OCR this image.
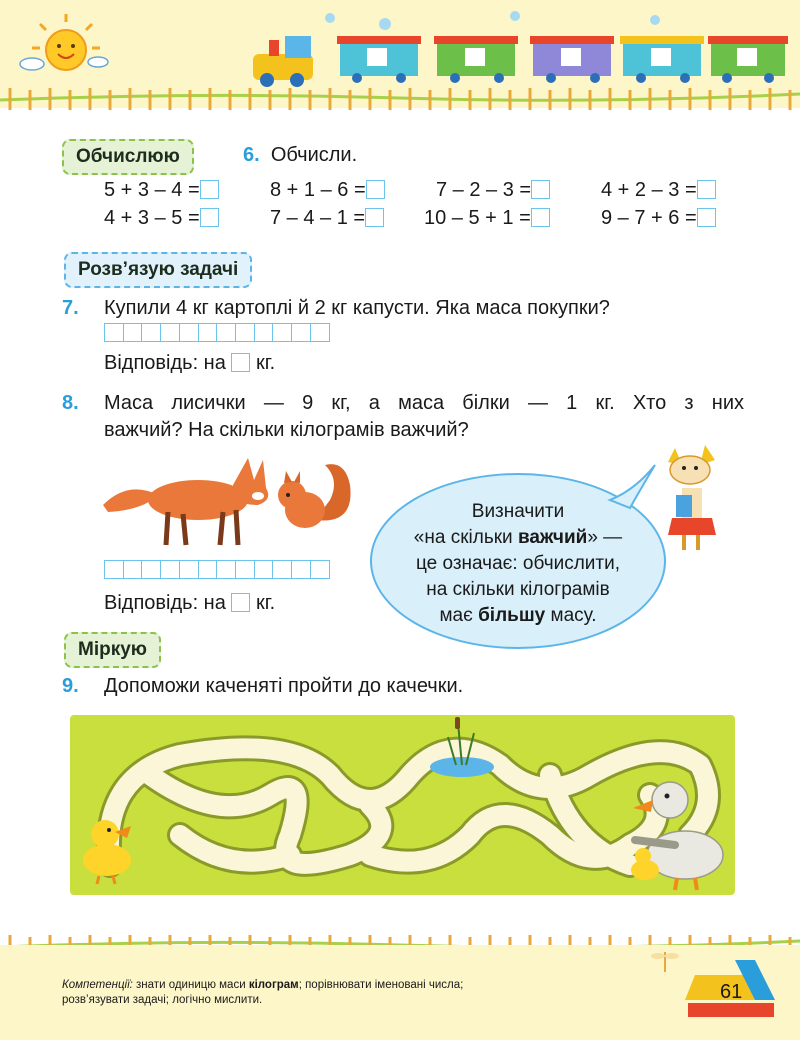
Обчислюю	6. Обчисли.
5 + 3 – 4 =	8 + 1 – 6 =	7 – 2 – 3 =	4 + 2 – 3 =
4 + 3 – 5 =	7 – 4 – 1 =	10 – 5 + 1 =	9 – 7 + 6 =
Розв’язую задачі
7. Купили 4 кг картоплі й 2 кг капусти. Яка маса покупки?
Відповідь: на кг.
8. Маса лисички — 9 кг, а маса білки — 1 кг. Хто з них
важчий? На скільки кілограмів важчий?
Відповідь: на кг.
Визначити
«на скільки важчий» —
це означає: обчислити,
на скільки кілограмів
має більшу масу.
Міркую
9. Допоможи каченяті пройти до качечки.
Компетенції: знати одиницю маси кілограм; порівнювати іменовані числа;
розв’язувати задачі; логічно мислити.	61
